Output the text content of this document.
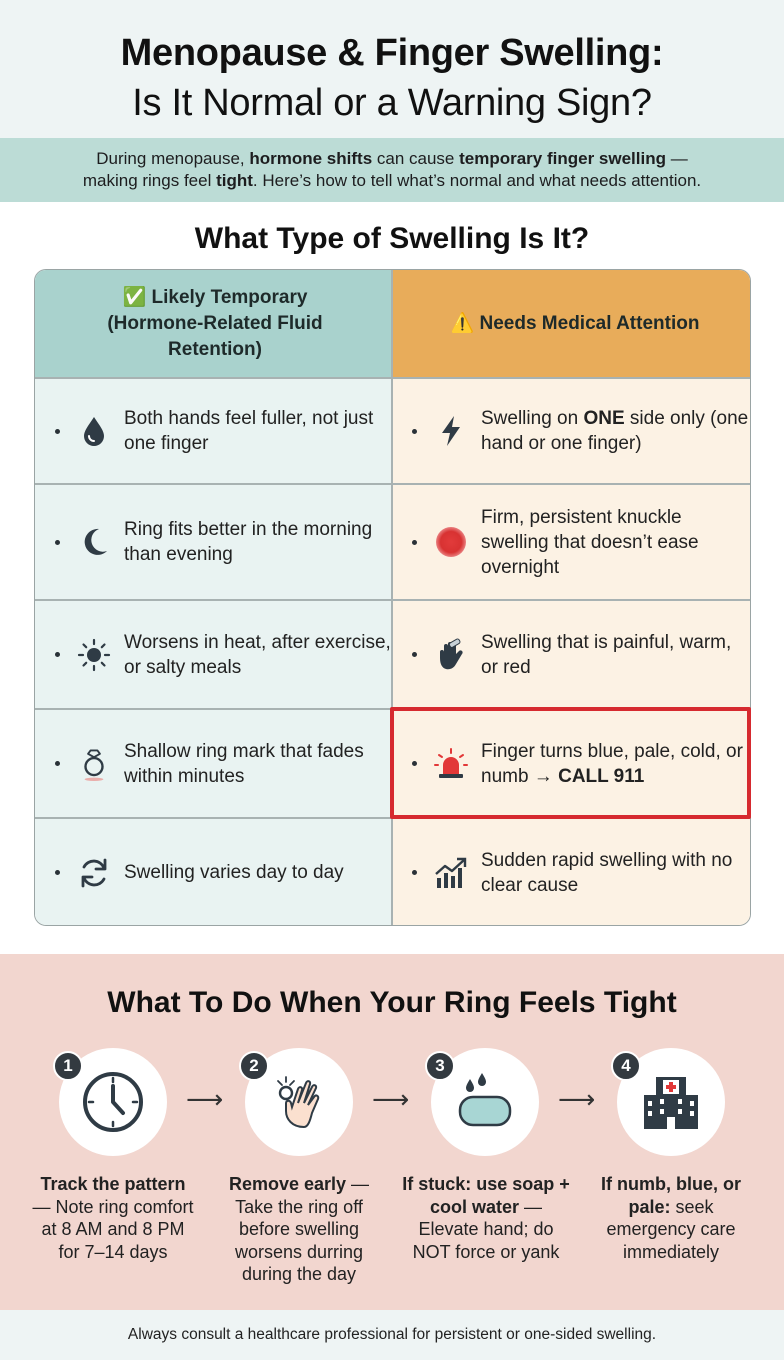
Menopause & Finger Swelling:
Is It Normal or a Warning Sign?
During menopause, hormone shifts can cause temporary finger swelling —
making rings feel tight. Here’s how to tell what’s normal and what needs attention.
What Type of Swelling Is It?
✅ Likely Temporary (Hormone-Related Fluid Retention)
⚠️ Needs Medical Attention
Both hands feel fuller, not just one finger
Ring fits better in the morning than evening
Worsens in heat, after exercise, or salty meals
Shallow ring mark that fades within minutes
Swelling varies day to day
Swelling on ONE side only (one hand or one finger)
Firm, persistent knuckle swelling that doesn’t ease overnight
Swelling that is painful, warm, or red
Finger turns blue, pale, cold, or numb → CALL 911
Sudden rapid swelling with no clear cause
What To Do When Your Ring Feels Tight
1
⟶
2
⟶
3
⟶
4
Track the pattern — Note ring comfort at 8 AM and 8 PM for 7–14 days
Remove early — Take the ring off before swelling worsens durring during the day
If stuck: use soap + cool water — Elevate hand; do NOT force or yank
If numb, blue, or pale: seek emergency care immediately
Always consult a healthcare professional for persistent or one-sided swelling.
